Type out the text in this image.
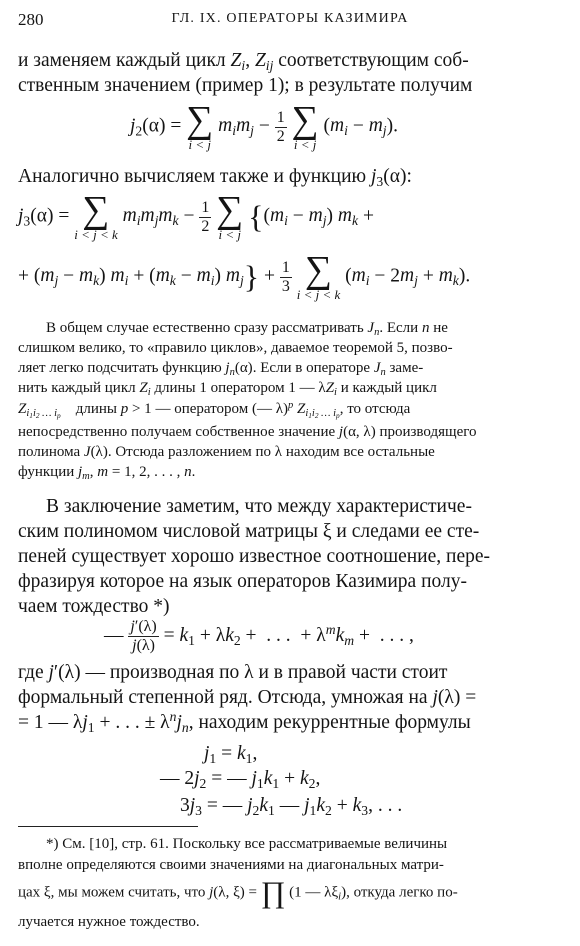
280	ГЛ. IX. ОПЕРАТОРЫ КАЗИМИРА
и заменяем каждый цикл $Z_i$, $Z_{ij}$ соответствующим соб-
ственным значением (пример 1); в результате получим
$j_2(\alpha)$ = ∑
i < j
$m_im_j - \frac{1}{2}$
∑
i < j
$(m_i - m_j)$.
Аналогично вычисляем также и функцию $j_3(\alpha)$:
$j_3(\alpha)$ = ∑
i < j < k
$m_im_jm_k - \frac{1}{2}$
∑
i < j {$(m_i - m_j) m_k$ +
+ $(m_j - m_k) m_i + (m_k - m_i) m_j\} + \frac{1}{3}$
∑
i < j < k
$(m_i - 2m_j + m_k)$.
В общем случае естественно сразу рассматривать $J_n$. Если n не
слишком велико, то «правило циклов», даваемое теоремой 5, позво-
ляет легко подсчитать функцию $j_n(\alpha)$. Если в операторе $J_n$ заме-
нить каждый цикл $Z_i$ длины 1 оператором 1 — $\lambda Z_i$ и каждый цикл
$Z_{i_1i_2 \dots i_p}$ длины p > 1 — оператором (— λ)$^p$ $Z_{i_1i_2 \dots i_p}$, то отсюда
непосредственно получаем собственное значение j(α, λ) производящего
полинома J(λ). Отсюда разложением по λ находим все остальные
функции $j_m$, m = 1, 2, . . . , n.
В заключение заметим, что между характеристиче-
ским полиномом числовой матрицы ξ и следами ее сте-
пеней существует хорошо известное соотношение, пере-
фразируя которое на язык операторов Казимира полу-
чаем тождество *)
— $\frac{j'(\lambda)}{j(\lambda)} = k_1 + \lambda k_2$ +  . . .  + $\lambda^mk_m$ +  . . . ,
где j′(λ) — производная по λ и в правой части стоит
формальный степенной ряд. Отсюда, умножая на j(λ) =
= 1 — $\lambda j_1$ + . . . ± $\lambda^nj_n$, находим рекуррентные формулы
$j_1 = k_1$,
— $2j_2$ = — $j_1k_1 + k_2$,
$3j_3$ = — $j_2k_1$ — $j_1k_2 + k_3$, . . .
*) См. [10], стр. 61. Поскольку все рассматриваемые величины
вполне определяются своими значениями на диагональных матри-
цах ξ, мы можем считать, что j(λ, ξ) = ∏ (1 — $\lambda\xi_i$), откуда легко по-
лучается нужное тождество.
